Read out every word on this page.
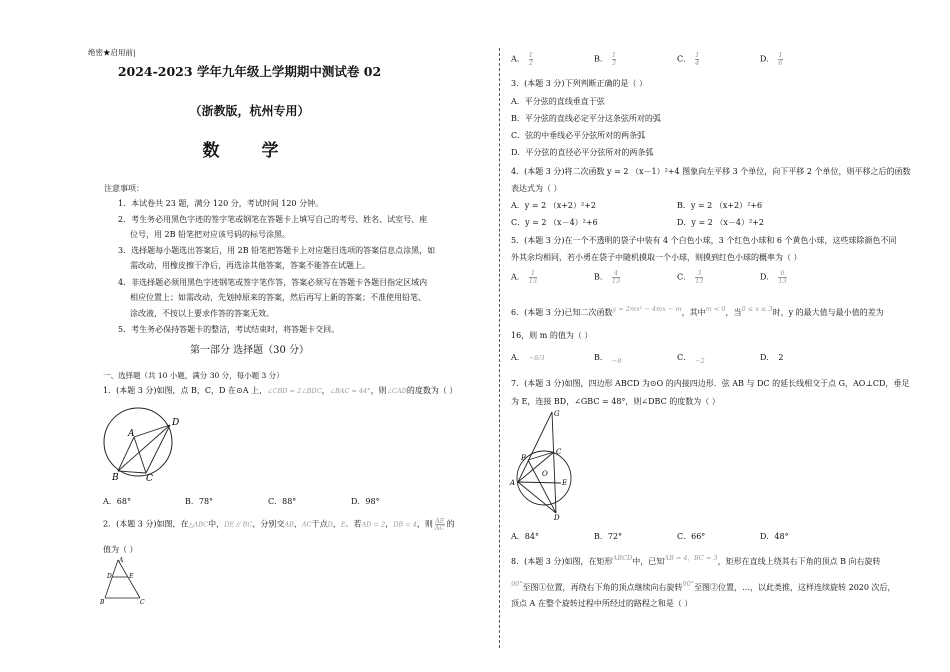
绝密★启用前|
2024-2023 学年九年级上学期期中测试卷 02
（浙教版，杭州专用）
数 学
注意事项：
1．本试卷共 23 题，满分 120 分，考试时间 120 分钟。
2．考生务必用黑色字迹的签字笔或钢笔在答题卡上填写自己的考号、姓名、试室号、座
位号，用 2B 铅笔把对应该号码的标号涂黑。
3．选择题每小题选出答案后，用 2B 铅笔把答题卡上对应题目选项的答案信息点涂黑，如
需改动，用橡皮擦干净后，再选涂其他答案，答案不能答在试题上。
4．非选择题必须用黑色字迹钢笔或签字笔作答，答案必须写在答题卡各题目指定区域内
相应位置上；如需改动，先划掉原来的答案，然后再写上新的答案；不准使用铅笔、
涂改液，不按以上要求作答的答案无效。
5．考生务必保持答题卡的整洁，考试结束时，将答题卡交回。
第一部分 选择题（30 分）
一、选择题（共 10 小题，满分 30 分，每小题 3 分）
1．(本题 3 分)如图，点 B，C，D 在⊙A 上，∠CBD = 2∠BDC，∠BAC = 44°，则∠CAD的度数为（ ）
A
B	C
D
A．68°	B．78°	C．88°	D．98°
2．(本题 3 分)如图，在△ABC中，DE // BC，分别交AB，AC于点D，E．若AD = 2，DB = 4，则 $\frac{AE}{AC}$ 的
值为（ ）
A
D	E
B	C
A． $\frac{1}{2}$	B． $\frac{1}{3}$	C． $\frac{1}{4}$	D． $\frac{1}{6}$
3．(本题 3 分)下列判断正确的是（ ）
A．平分弦的直线垂直于弦
B．平分弦的直线必定平分这条弦所对的弧
C．弦的中垂线必平分弦所对的两条弧
D．平分弦的直径必平分弦所对的两条弧
4．(本题 3 分)将二次函数 y = 2 （x－1）²+4 图象向左平移 3 个单位，向下平移 2 个单位，则平移之后的函数
表达式为（ ）
A．y = 2 （x+2）²+2	B．y = 2 （x+2）²+6
C．y = 2 （x－4）²+6	D．y = 2 （x－4）²+2
5．(本题 3 分)在一个不透明的袋子中装有 4 个白色小球，3 个红色小球和 6 个黄色小球，这些球除颜色不同
外其余均相同，若小勇在袋子中随机摸取一个小球，则摸到红色小球的概率为（ ）
A． $\frac{1}{13}$	B． $\frac{4}{13}$	C． $\frac{3}{13}$	D． $\frac{6}{13}$
6．(本题 3 分)已知二次函数$^{y = 2mx^2 - 4mx - m}$，其中$^{m < 0}$，当$^{0 \le x \le 3}$时，y 的最大值与最小值的差为
16，则 m 的值为（ ）
A． −8/3	B． $_{-8}$	C． $_{-2}$	D． 2
7．(本题 3 分)如图，四边形 ABCD 为⊙O 的内接四边形．弦 AB 与 DC 的延长线相交于点 G，AO⊥CD，垂足
为 E，连接 BD，∠GBC = 48°，则∠DBC 的度数为（ ）
G
B
C
O
A	E
D
A．84°	B．72°	C．66°	D．48°
8．(本题 3 分)如图，在矩形$^{ABCD}$中，已知$^{AB = 4,BC = 3}$，矩形在直线上绕其右下角的顶点 B 向右旋转
$^{90^\circ}$至图①位置，再绕右下角的顶点继续向右旋转$^{90^\circ}$至图②位置，…，以此类推，这样连续旋转 2020 次后，
顶点 A 在整个旋转过程中所经过的路程之和是（ ）
